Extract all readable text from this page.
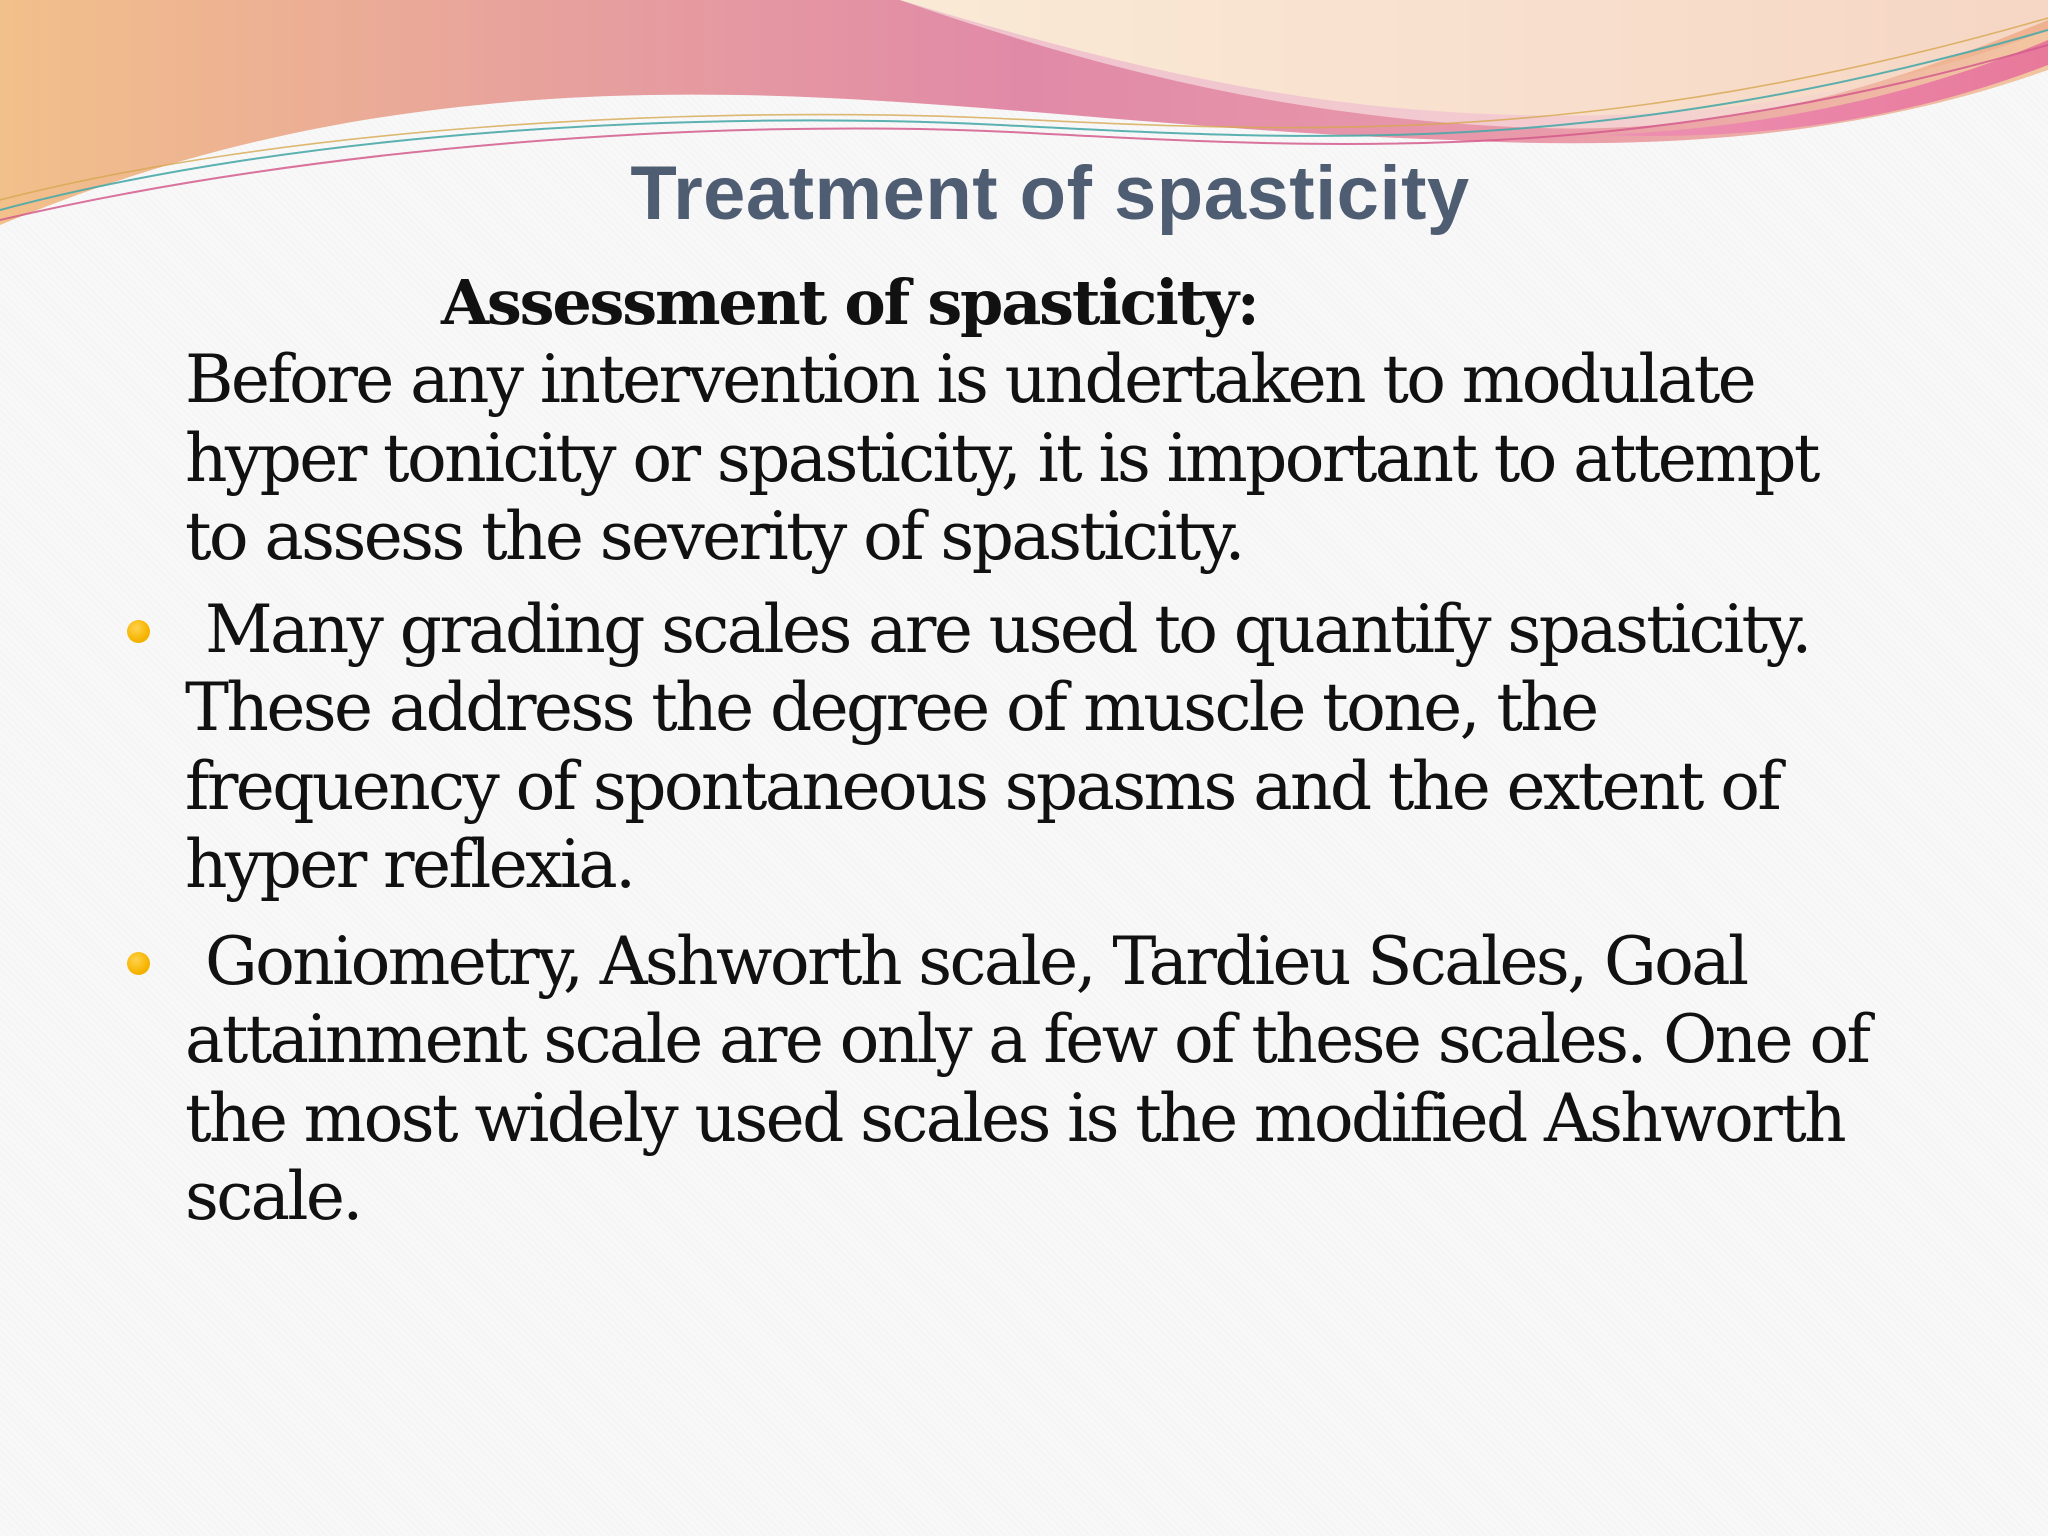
Treatment of spasticity

Assessment of spasticity:

Before any intervention is undertaken to modulate
hyper tonicity or spasticity, it is important to attempt
to assess the severity of spasticity.

Many grading scales are used to quantify spasticity.
These address the degree of muscle tone, the
frequency of spontaneous spasms and the extent of
hyper reflexia.
Goniometry, Ashworth scale, Tardieu Scales, Goal
attainment scale are only a few of these scales. One of
the most widely used scales is the modified Ashworth
scale.
